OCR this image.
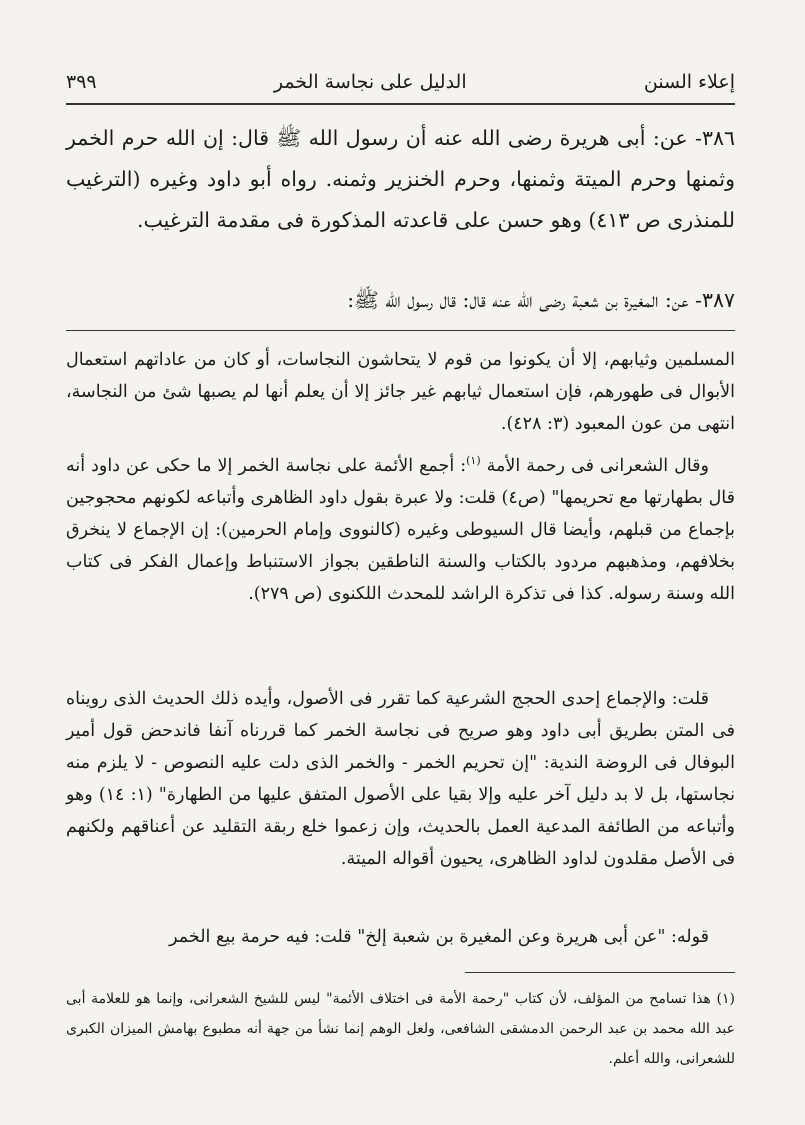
إعلاء السنن
الدليل على نجاسة الخمر
٣٩٩
٣٨٦- عن: أبى هريرة رضى الله عنه أن رسول الله ﷺ قال: إن الله حرم الخمر وثمنها وحرم الميتة وثمنها، وحرم الخنزير وثمنه. رواه أبو داود وغيره (الترغيب للمنذرى ص ٤١٣) وهو حسن على قاعدته المذكورة فى مقدمة الترغيب.
٣٨٧- عن: المغيرة بن شعبة رضى الله عنه قال: قال رسول الله ﷺ:

المسلمين وثيابهم، إلا أن يكونوا من قوم لا يتحاشون النجاسات، أو كان من عاداتهم استعمال الأبوال فى طهورهم، فإن استعمال ثيابهم غير جائز إلا أن يعلم أنها لم يصبها شئ من النجاسة، انتهى من عون المعبود (٣: ٤٢٨).

وقال الشعرانى فى رحمة الأمة $^{(١)}$: أجمع الأئمة على نجاسة الخمر إلا ما حكى عن داود أنه قال بطهارتها مع تحريمها" (ص٤) قلت: ولا عبرة بقول داود الظاهرى وأتباعه لكونهم محجوجين بإجماع من قبلهم، وأيضا قال السيوطى وغيره (كالنووى وإمام الحرمين): إن الإجماع لا ينخرق بخلافهم، ومذهبهم مردود بالكتاب والسنة الناطقين بجواز الاستنباط وإعمال الفكر فى كتاب الله وسنة رسوله. كذا فى تذكرة الراشد للمحدث اللكنوى (ص ٢٧٩).

قلت: والإجماع إحدى الحجج الشرعية كما تقرر فى الأصول، وأيده ذلك الحديث الذى رويناه فى المتن بطريق أبى داود وهو صريح فى نجاسة الخمر كما قررناه آنفا فاندحض قول أمير البوفال فى الروضة الندية: "إن تحريم الخمر - والخمر الذى دلت عليه النصوص - لا يلزم منه نجاستها، بل لا بد دليل آخر عليه وإلا بقيا على الأصول المتفق عليها من الطهارة" (١: ١٤) وهو وأتباعه من الطائفة المدعية العمل بالحديث، وإن زعموا خلع ربقة التقليد عن أعناقهم ولكنهم فى الأصل مقلدون لداود الظاهرى، يحيون أقواله الميتة.

قوله: "عن أبى هريرة وعن المغيرة بن شعبة إلخ" قلت: فيه حرمة بيع الخمر

(١) هذا تسامح من المؤلف، لأن كتاب "رحمة الأمة فى اختلاف الأئمة" ليس للشيخ الشعرانى، وإنما هو للعلامة أبى عبد الله محمد بن عبد الرحمن الدمشقى الشافعى، ولعل الوهم إنما نشأ من جهة أنه مطبوع بهامش الميزان الكبرى للشعرانى، والله أعلم.
